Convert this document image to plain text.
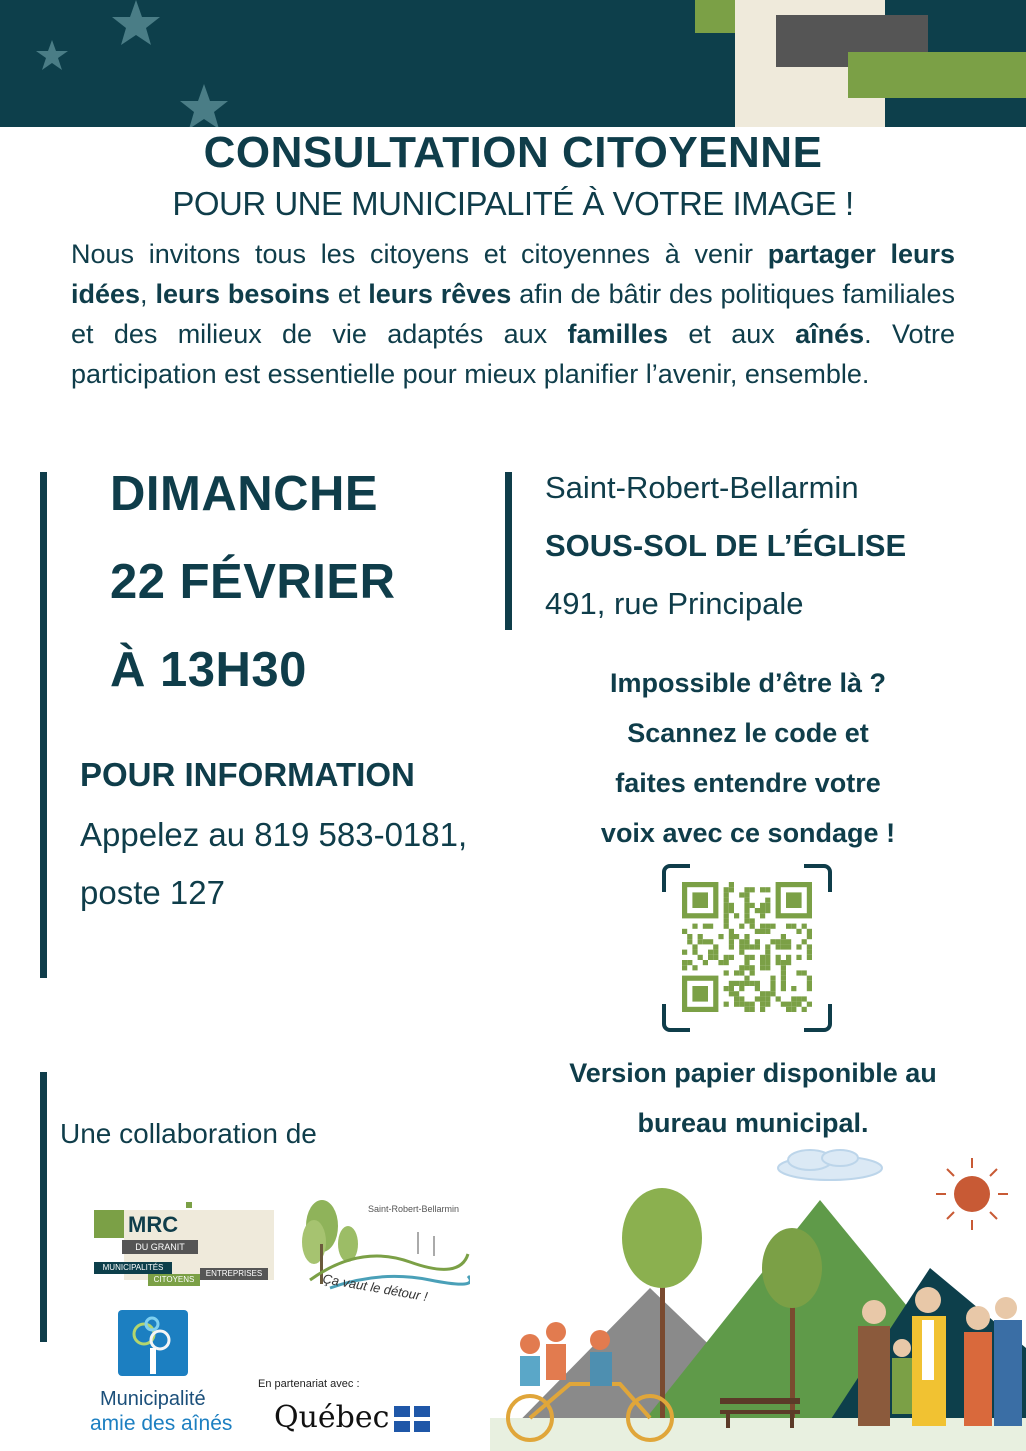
CONSULTATION CITOYENNE
POUR UNE MUNICIPALITÉ À VOTRE IMAGE !
Nous invitons tous les citoyens et citoyennes à venir partager leurs idées, leurs besoins et leurs rêves afin de bâtir des politiques familiales et des milieux de vie adaptés aux familles et aux aînés. Votre participation est essentielle pour mieux planifier l’avenir, ensemble.
DIMANCHE
22 FÉVRIER
À 13H30
POUR INFORMATION
Appelez au 819 583-0181,
poste 127
Saint-Robert-Bellarmin
SOUS-SOL DE L’ÉGLISE
491, rue Principale
Impossible d’être là ?
Scannez le code et
faites entendre votre
voix avec ce sondage !
Version papier disponible au
bureau municipal.
Une collaboration de
MRC
DU GRANIT
MUNICIPALITÉS
CITOYENS
ENTREPRISES
Saint-Robert-Bellarmin
Ça vaut le détour !
Municipalité
amie des aînés
En partenariat avec :
Québec
